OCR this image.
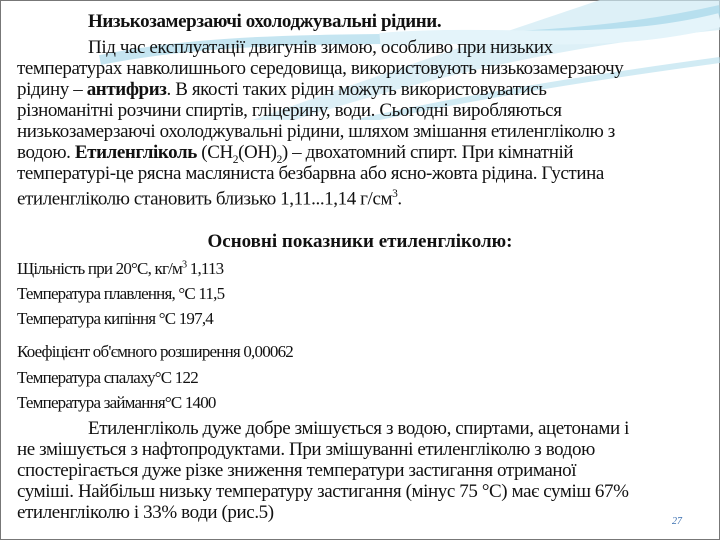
Низькозамерзаючі охолоджувальні рідини.
Під час експлуатації двигунів зимою, особливо при низьких
температурах навколишнього середовища, використовують низькозамерзаючу
рідину – антифриз. В якості таких рідин можуть використовуватись
різноманітні розчини спиртів, гліцерину, води. Сьогодні виробляються
низькозамерзаючі охолоджувальні рідини, шляхом змішання етиленгліколю з
водою. Етиленгліколь $(CH_2(OH)_2)$ – двохатомний спирт. При кімнатній
температурі-це рясна масляниста безбарвна або ясно-жовта рідина. Густина
етиленгліколю становить близько 1,11...1,14 $г/см^3$.
Основні показники етиленгліколю:
Щільність при 20°С, $кг/м^3$ 1,113
Температура плавлення, °С 11,5
Температура кипіння °С 197,4
Коефіцієнт об'ємного розширення 0,00062
Температура спалаху°С 122
Температура займання°С 1400
Етиленгліколь дуже добре змішується з водою, спиртами, ацетонами і
не змішується з нафтопродуктами. При змішуванні етиленгліколю з водою
спостерігається дуже різке зниження температури застигання отриманої
суміші. Найбільш низьку температуру застигання (мінус 75 °С) має суміш 67%
етиленгліколю і 33% води (рис.5)	27
